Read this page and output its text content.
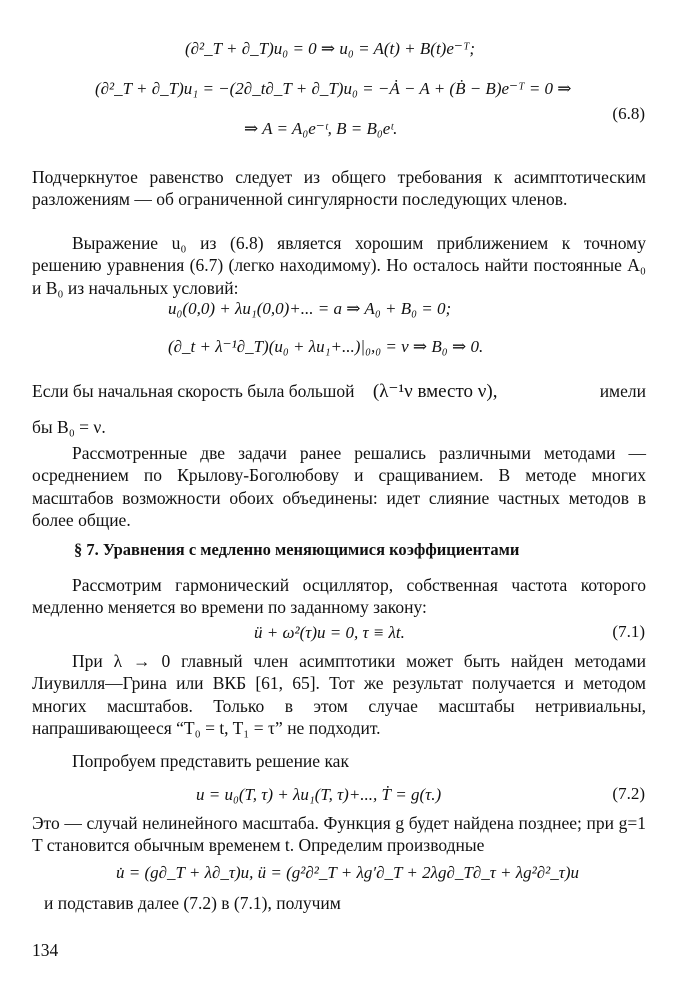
(∂²_T + ∂_T)u₀ = 0 ⇒ u₀ = A(t) + B(t)e⁻ᵀ;
(∂²_T + ∂_T)u₁ = −(2∂_t∂_T + ∂_T)u₀ = −Ȧ − A + (Ḃ − B)e⁻ᵀ = 0 ⇒
⇒ A = A₀e⁻ᵗ, B = B₀eᵗ.
(6.8)

Подчеркнутое равенство следует из общего требования к асимптотическим разложениям — об ограниченной сингулярности последующих членов.

Выражение u₀ из (6.8) является хорошим приближением к точному решению уравнения (6.7) (легко находимому). Но осталось найти постоянные A₀ и B₀ из начальных условий:

u₀(0,0) + λu₁(0,0)+... = a ⇒ A₀ + B₀ = 0;
(∂_t + λ⁻¹∂_T)(u₀ + λu₁+...)|₀,₀ = ν ⇒ B₀ ⇒ 0.
Если бы начальная скорость была большой (λ⁻¹ν вместо ν),	имели
бы B₀ = ν.

Рассмотренные две задачи ранее решались различными методами — осреднением по Крылову-Боголюбову и сращиванием. В методе многих масштабов возможности обоих объединены: идет слияние частных методов в более общие.

§ 7. Уравнения с медленно меняющимися коэффициентами

Рассмотрим гармонический осциллятор, собственная частота которого медленно меняется во времени по заданному закону:

ü + ω²(τ)u = 0, τ ≡ λt.	(7.1)

При λ → 0 главный член асимптотики может быть найден методами Лиувилля—Грина или ВКБ [61, 65]. Тот же результат получается и методом многих масштабов. Только в этом случае масштабы нетривиальны, напрашивающееся “T₀ = t, T₁ = τ” не подходит.

Попробуем представить решение как

u = u₀(T, τ) + λu₁(T, τ)+..., Ṫ = g(τ.)	(7.2)

Это — случай нелинейного масштаба. Функция g будет найдена позднее; при g=1 T становится обычным временем t. Определим производные

u̇ = (g∂_T + λ∂_τ)u, ü = (g²∂²_T + λg′∂_T + 2λg∂_T∂_τ + λg²∂²_τ)u
и подставив далее (7.2) в (7.1), получим
134
